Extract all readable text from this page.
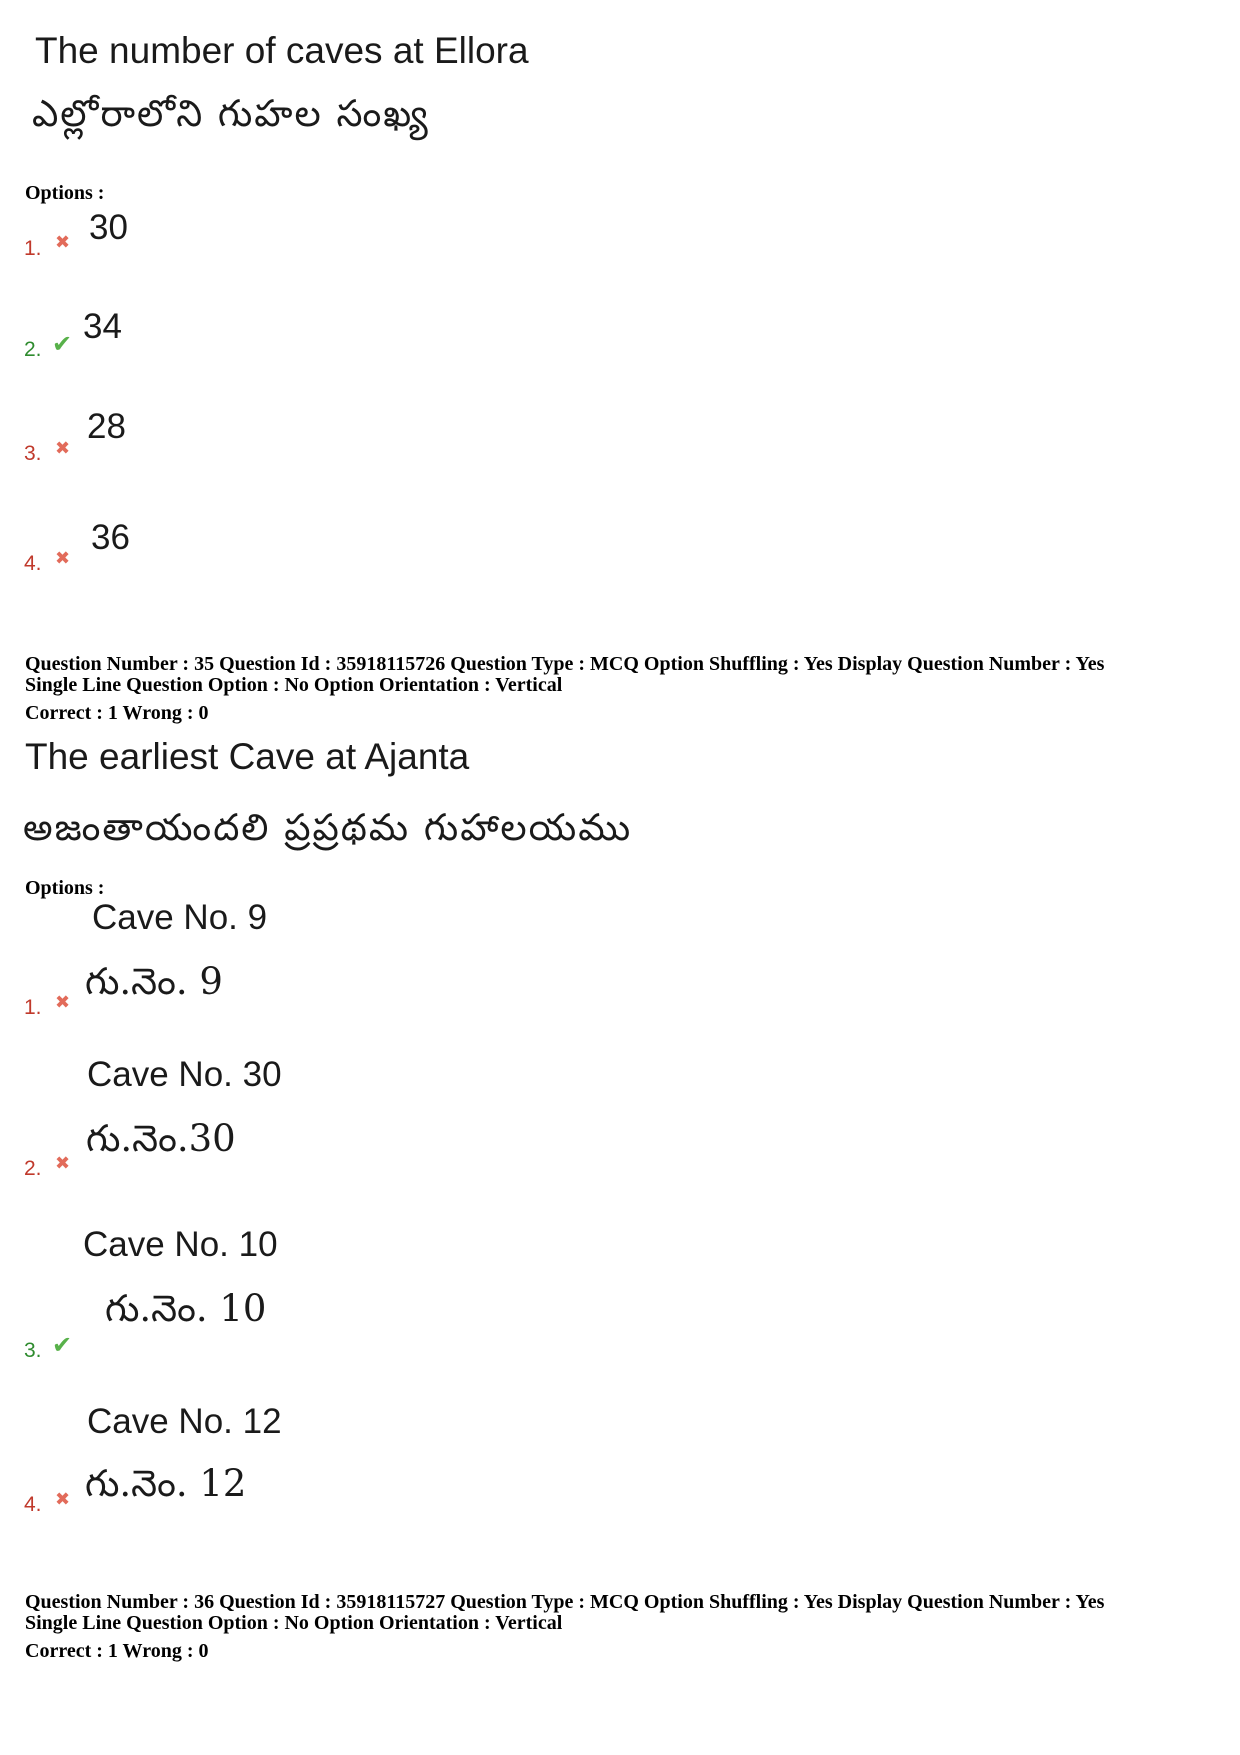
The number of caves at Ellora
ఎల్లోరాలోని గుహల సంఖ్య
Options :
1. ✖ 30
2. ✔ 34
3. ✖
28
4. ✖
36
Question Number : 35 Question Id : 35918115726 Question Type : MCQ Option Shuffling : Yes Display Question Number : Yes
Single Line Question Option : No Option Orientation : Vertical
Correct : 1 Wrong : 0
The earliest Cave at Ajanta
అజంతాయందలి ప్రప్రథమ గుహాలయము
Options :
Cave No. 9
1. ✖ గు.నెం. 9
Cave No. 30
2. ✖
గు.నెం.30
Cave No. 10
3. ✔
గు.నెం. 10
Cave No. 12
4. ✖ గు.నెం. 12
Question Number : 36 Question Id : 35918115727 Question Type : MCQ Option Shuffling : Yes Display Question Number : Yes
Single Line Question Option : No Option Orientation : Vertical
Correct : 1 Wrong : 0
